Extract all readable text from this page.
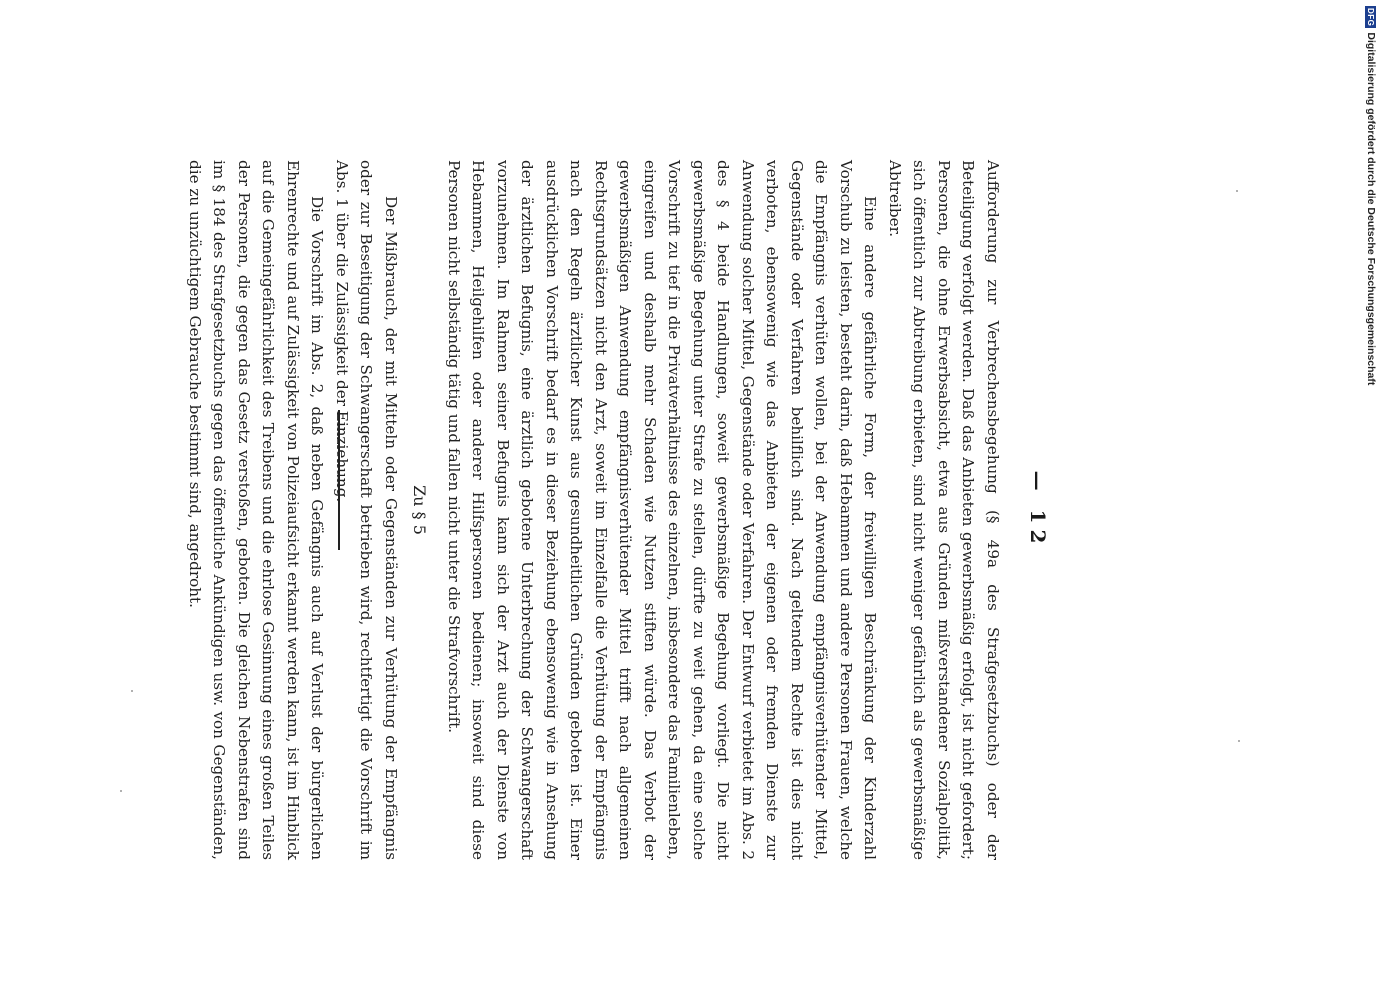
— 12

Aufforderung zur Verbrechensbegehung (§ 49a des Strafgesetzbuchs) oder der Beteiligung verfolgt werden. Daß das Anbieten gewerbsmäßig erfolgt, ist nicht gefordert; Personen, die ohne Erwerbsabsicht, etwa aus Gründen mißverstandener Sozialpolitik, sich öffentlich zur Abtreibung erbieten, sind nicht weniger gefährlich als gewerbsmäßige Abtreiber.

Eine andere gefährliche Form, der freiwilligen Beschränkung der Kinderzahl Vorschub zu leisten, besteht darin, daß Hebammen und andere Personen Frauen, welche die Empfängnis verhüten wollen, bei der Anwendung empfängnisverhütender Mittel, Gegenstände oder Verfahren behilflich sind. Nach geltendem Rechte ist dies nicht verboten, ebensowenig wie das Anbieten der eigenen oder fremden Dienste zur Anwendung solcher Mittel, Gegenstände oder Verfahren. Der Entwurf verbietet im Abs. 2 des § 4 beide Handlungen, soweit gewerbsmäßige Begehung vorliegt. Die nicht gewerbsmäßige Begehung unter Strafe zu stellen, dürfte zu weit gehen, da eine solche Vorschrift zu tief in die Privatverhältnisse des einzelnen, insbesondere das Familienleben, eingreifen und deshalb mehr Schaden wie Nutzen stiften würde. Das Verbot der gewerbsmäßigen Anwendung empfängnisverhütender Mittel trifft nach allgemeinen Rechtsgrundsätzen nicht den Arzt, soweit im Einzelfalle die Verhütung der Empfängnis nach den Regeln ärztlicher Kunst aus gesundheitlichen Gründen geboten ist. Einer ausdrücklichen Vorschrift bedarf es in dieser Beziehung ebensowenig wie in Ansehung der ärztlichen Befugnis, eine ärztlich gebotene Unterbrechung der Schwangerschaft vorzunehmen. Im Rahmen seiner Befugnis kann sich der Arzt auch der Dienste von Hebammen, Heilgehilfen oder anderer Hilfspersonen bedienen; insoweit sind diese Personen nicht selbständig tätig und fallen nicht unter die Strafvorschrift.

Zu § 5

Der Mißbrauch, der mit Mitteln oder Gegenständen zur Verhütung der Empfängnis oder zur Beseitigung der Schwangerschaft betrieben wird, rechtfertigt die Vorschrift im Abs. 1 über die Zulässigkeit der Einziehung.

Die Vorschrift im Abs. 2, daß neben Gefängnis auch auf Verlust der bürgerlichen Ehrenrechte und auf Zulässigkeit von Polizeiaufsicht erkannt werden kann, ist im Hinblick auf die Gemeingefährlichkeit des Treibens und die ehrlose Gesinnung eines großen Teiles der Personen, die gegen das Gesetz verstoßen, geboten. Die gleichen Nebenstrafen sind im § 184 des Strafgesetzbuchs gegen das öffentliche Ankündigen usw. von Gegenständen, die zu unzüchtigem Gebrauche bestimmt sind, angedroht.

DFGDigitalisierung gefördert durch die Deutsche Forschungsgemeinschaft
